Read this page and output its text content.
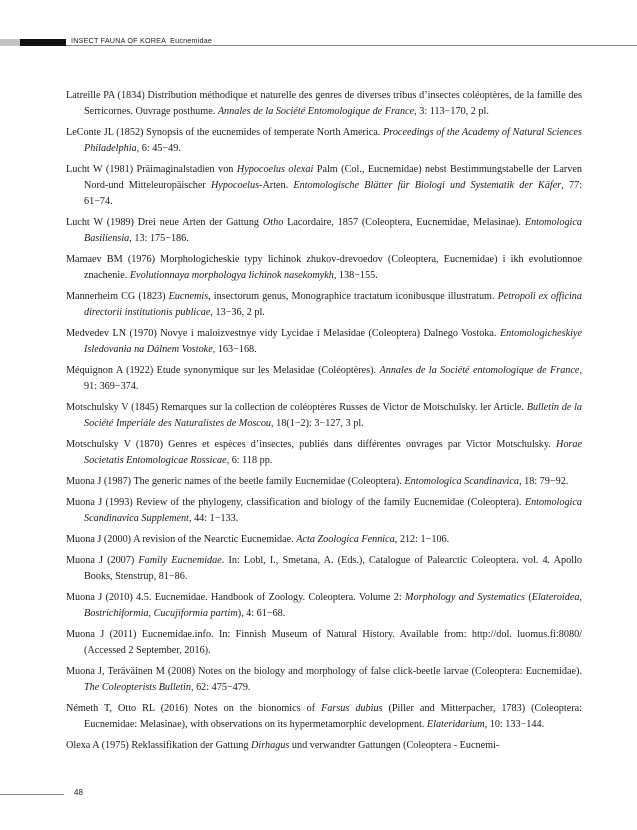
INSECT FAUNA OF KOREA Eucnemidae

Latreille PA (1834) Distribution méthodique et naturelle des genres de diverses tribus d’insectes coléoptères, de la famille des Serricornes. Ouvrage posthume. Annales de la Société Entomologique de France, 3: 113−170, 2 pl.

LeConte JL (1852) Synopsis of the eucnemides of temperate North America. Proceedings of the Academy of Natural Sciences Philadelphia, 6: 45−49.

Lucht W (1981) Präimaginalstadien von Hypocoelus olexai Palm (Col., Eucnemidae) nebst Bestimmungstabelle der Larven Nord-und Mitteleuropäischer Hypocoelus-Arten. Entomologische Blätter für Biologi und Systematik der Käfer, 77: 61−74.

Lucht W (1989) Drei neue Arten der Gattung Otho Lacordaire, 1857 (Coleoptera, Eucnemidae, Melasinae). Entomologica Basiliensia, 13: 175−186.

Mamaev BM (1976) Morphologicheskie typy lichinok zhukov-drevoedov (Coleoptera, Eucnemidae) i ikh evolutionnoe znachenie. Evolutionnaya morphologya lichinok nasekomykh, 138−155.

Mannerheim CG (1823) Eucnemis, insectorum genus, Monographice tractatum iconibusque illustratum. Petropoli ex officina directorii institutionis publicae, 13−36, 2 pl.

Medvedev LN (1970) Novye i maloizvestnye vidy Lycidae i Melasidae (Coleoptera) Dalnego Vostoka. Entomologicheskiye Isledovania na Dálnem Vostoke, 163−168.

Méquignon A (1922) Etude synonymique sur les Melasidae (Coléoptères). Annales de la Société entomologique de France, 91: 369−374.

Motschulsky V (1845) Remarques sur la collection de coléoptères Russes de Victor de Motschulsky. ler Article. Bulletin de la Société Imperiále des Naturalistes de Moscou, 18(1−2): 3−127, 3 pl.

Motschulsky V (1870) Genres et espèces d’insectes, publiés dans différentes ouvrages par Victor Motschulsky. Horae Societatis Entomologicae Rossicae, 6: 118 pp.

Muona J (1987) The generic names of the beetle family Eucnemidae (Coleoptera). Entomologica Scandinavica, 18: 79−92.

Muona J (1993) Review of the phylogeny, classification and biology of the family Eucnemidae (Coleoptera). Entomologica Scandinavica Supplement, 44: 1−133.

Muona J (2000) A revision of the Nearctic Eucnemidae. Acta Zoologica Fennica, 212: 1−106.

Muona J (2007) Family Eucnemidae. In: Lobl, I., Smetana, A. (Eds.), Catalogue of Palearctic Coleoptera. vol. 4. Apollo Books, Stenstrup, 81−86.

Muona J (2010) 4.5. Eucnemidae. Handbook of Zoology. Coleoptera. Volume 2: Morphology and Systematics (Elateroidea, Bostrichiformia, Cucujiformia partim), 4: 61−68.

Muona J (2011) Eucnemidae.info. In: Finnish Museum of Natural History. Available from: http://dol. luomus.fi:8080/ (Accessed 2 September, 2016).

Muona J, Teräväinen M (2008) Notes on the biology and morphology of false click-beetle larvae (Coleoptera: Eucnemidae). The Coleopterists Bulletin, 62: 475−479.

Németh T, Otto RL (2016) Notes on the bionomics of Farsus dubius (Piller and Mitterpacher, 1783) (Coleoptera: Eucnemidae: Melasinae), with observations on its hypermetamorphic development. Elateridarium, 10: 133−144.

Olexa A (1975) Reklassifikation der Gattung Dirhagus und verwandter Gattungen (Coleoptera - Eucnemi-

48
